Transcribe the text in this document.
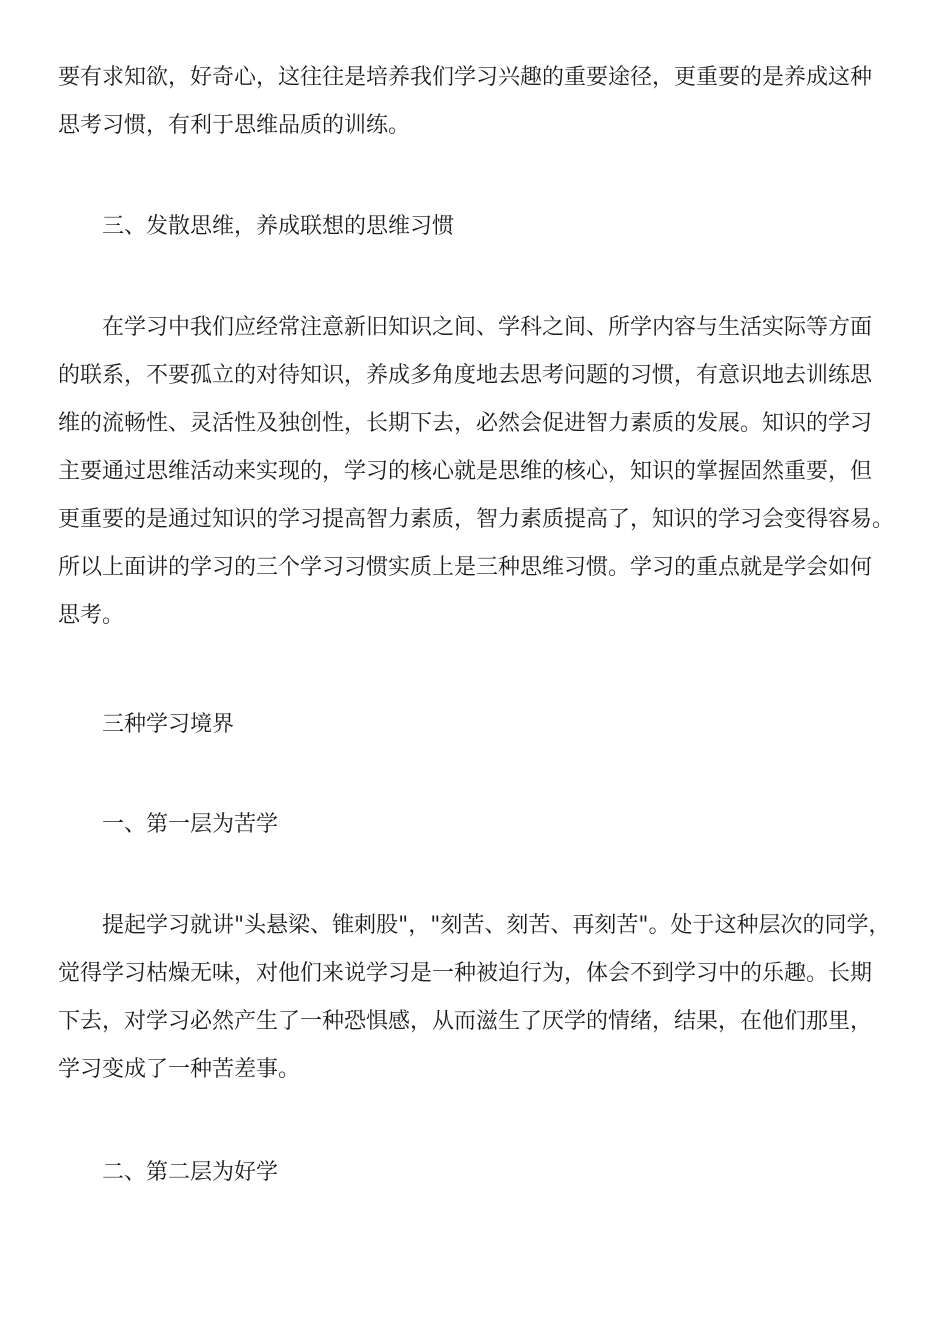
要有求知欲，好奇心，这往往是培养我们学习兴趣的重要途径，更重要的是养成这种
思考习惯，有利于思维品质的训练。
三、发散思维，养成联想的思维习惯
在学习中我们应经常注意新旧知识之间、学科之间、所学内容与生活实际等方面
的联系，不要孤立的对待知识，养成多角度地去思考问题的习惯，有意识地去训练思
维的流畅性、灵活性及独创性，长期下去，必然会促进智力素质的发展。知识的学习
主要通过思维活动来实现的，学习的核心就是思维的核心，知识的掌握固然重要，但
更重要的是通过知识的学习提高智力素质，智力素质提高了，知识的学习会变得容易。
所以上面讲的学习的三个学习习惯实质上是三种思维习惯。学习的重点就是学会如何
思考。
三种学习境界
一、第一层为苦学
提起学习就讲"头悬梁、锥刺股"，"刻苦、刻苦、再刻苦"。处于这种层次的同学，
觉得学习枯燥无味，对他们来说学习是一种被迫行为，体会不到学习中的乐趣。长期
下去，对学习必然产生了一种恐惧感，从而滋生了厌学的情绪，结果，在他们那里，
学习变成了一种苦差事。
二、第二层为好学
